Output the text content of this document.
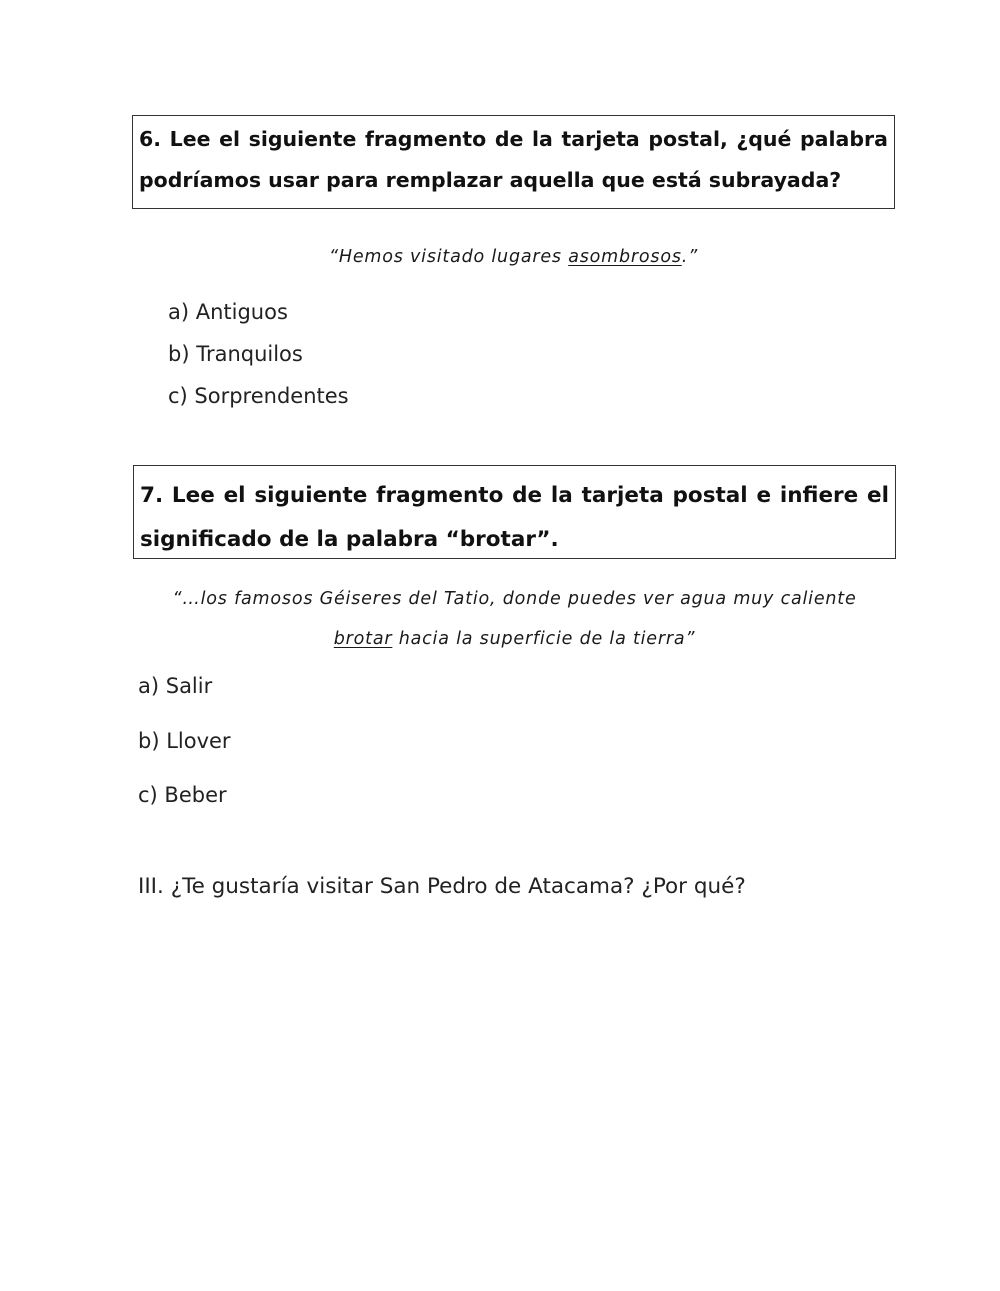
6. Lee el siguiente fragmento de la tarjeta postal, ¿qué palabra podríamos usar para remplazar aquella que está subrayada?

“Hemos visitado lugares asombrosos.”

a) Antiguos

b) Tranquilos

c) Sorprendentes

7. Lee el siguiente fragmento de la tarjeta postal e infiere el significado de la palabra “brotar”.

“…los famosos Géiseres del Tatio, donde puedes ver agua muy caliente
brotar hacia la superficie de la tierra”

a) Salir

b) Llover

c) Beber

III. ¿Te gustaría visitar San Pedro de Atacama? ¿Por qué?
